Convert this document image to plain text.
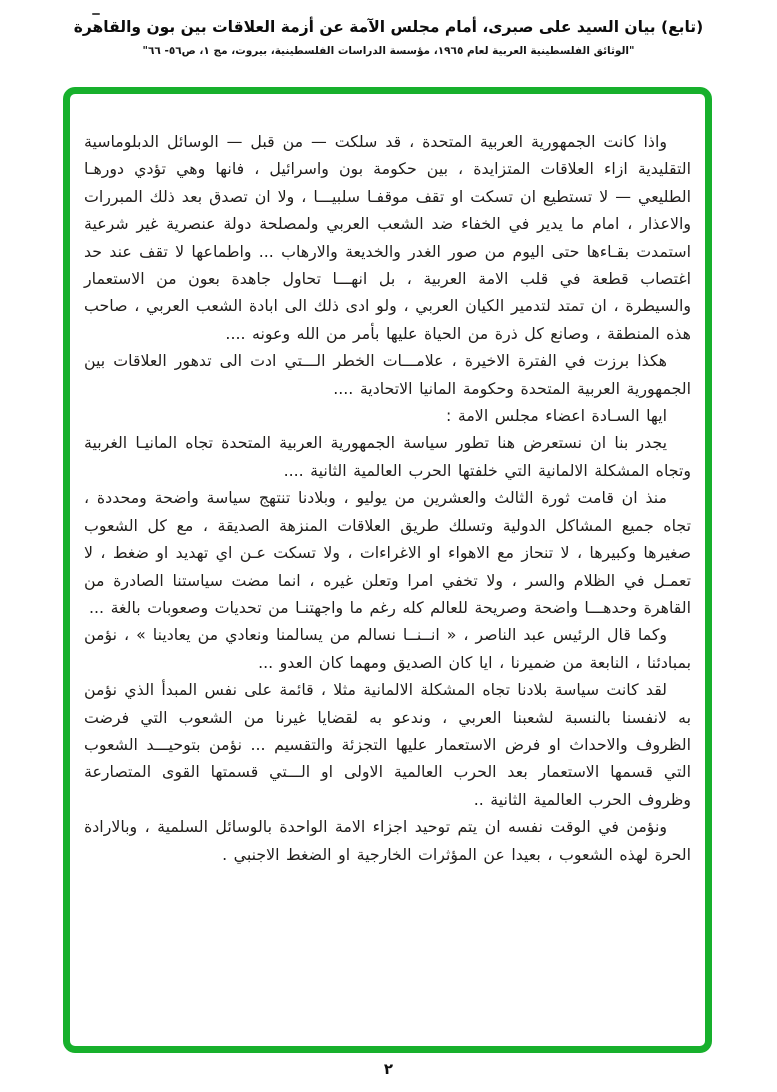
(تابع) بيان السيد على صبرى، أمام مجلس الآمة عن أزمة العلاقات بين بون والقاهرة
"الوثائق الفلسطينية العربية لعام ١٩٦٥، مؤسسة الدراسات الفلسطينية، بيروت، مج ١، ص٥٦- ٦٦"

واذا كانت الجمهورية العربية المتحدة ، قد سلكت — من قبل — الوسائل الدبلوماسية التقليدية ازاء العلاقات المتزايدة ، بين حكومة بون واسرائيل ، فانها وهي تؤدي دورهـا الطليعي — لا تستطيع ان تسكت او تقف موقفـا سلبيـــا ، ولا ان تصدق بعد ذلك المبررات والاعذار ، امام ما يدير في الخفاء ضد الشعب العربي ولمصلحة دولة عنصرية غير شرعية استمدت بقـاءها حتى اليوم من صور الغدر والخديعة والارهاب ... واطماعها لا تقف عند حد اغتصاب قطعة في قلب الامة العربية ، بل انهـــا تحاول جاهدة بعون من الاستعمار والسيطرة ، ان تمتد لتدمير الكيان العربي ، ولو ادى ذلك الى ابادة الشعب العربي ، صاحب هذه المنطقة ، وصانع كل ذرة من الحياة عليها بأمر من الله وعونه ....

هكذا برزت في الفترة الاخيرة ، علامـــات الخطر الـــتي ادت الى تدهور العلاقات بين الجمهورية العربية المتحدة وحكومة المانيا الاتحادية ....

ايها السـادة اعضاء مجلس الامة :

يجدر بنا ان نستعرض هنا تطور سياسة الجمهورية العربية المتحدة تجاه المانيـا الغربية وتجاه المشكلة الالمانية التي خلفتها الحرب العالمية الثانية ....

منذ ان قامت ثورة الثالث والعشرين من يوليو ، وبلادنا تنتهج سياسة واضحة ومحددة ، تجاه جميع المشاكل الدولية وتسلك طريق العلاقات المنزهة الصديقة ، مع كل الشعوب صغيرها وكبيرها ، لا تنحاز مع الاهواء او الاغراءات ، ولا تسكت عـن اي تهديد او ضغط ، لا تعمـل في الظلام والسر ، ولا تخفي امرا وتعلن غيره ، انما مضت سياستنا الصادرة من القاهرة وحدهـــا واضحة وصريحة للعالم كله رغم ما واجهتنـا من تحديات وصعوبات بالغة ...

وكما قال الرئيس عبد الناصر ، « انــنــا نسالم من يسالمنا ونعادي من يعادينا » ، نؤمن بمبادئنا ، النابعة من ضميرنا ، ايا كان الصديق ومهما كان العدو ...

لقد كانت سياسة بلادنا تجاه المشكلة الالمانية مثلا ، قائمة على نفس المبدأ الذي نؤمن به لانفسنا بالنسبة لشعبنا العربي ، وندعو به لقضايا غيرنا من الشعوب التي فرضت الظروف والاحداث او فرض الاستعمار عليها التجزئة والتقسيم ... نؤمن بتوحيـــد الشعوب التي قسمها الاستعمار بعد الحرب العالمية الاولى او الـــتي قسمتها القوى المتصارعة وظروف الحرب العالمية الثانية ..

ونؤمن في الوقت نفسه ان يتم توحيد اجزاء الامة الواحدة بالوسائل السلمية ، وبالارادة الحرة لهذه الشعوب ، بعيدا عن المؤثرات الخارجية او الضغط الاجنبي .

٢
